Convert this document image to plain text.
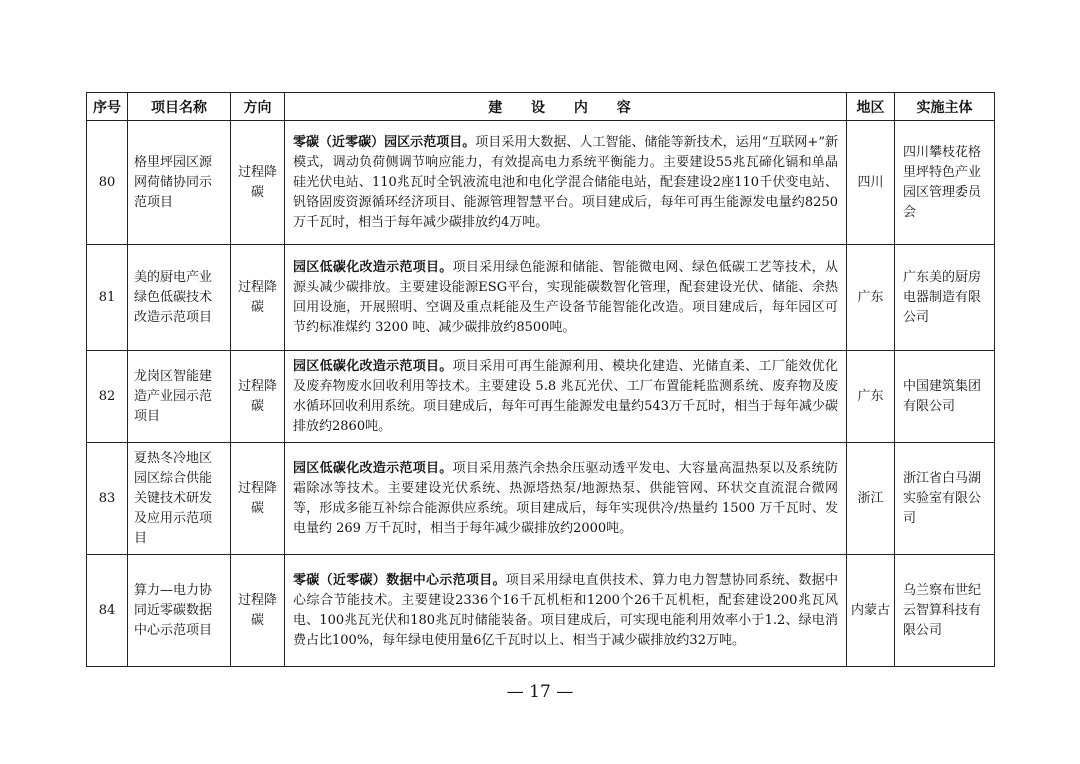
序号	项目名称	方向	建 设 内 容	地区	实施主体
80	格里坪园区源网荷储协同示范项目	过程降碳	零碳（近零碳）园区示范项目。项目采用大数据、人工智能、储能等新技术，运用“互联网+”新模式，调动负荷侧调节响应能力，有效提高电力系统平衡能力。主要建设55兆瓦碲化镉和单晶硅光伏电站、110兆瓦时全钒液流电池和电化学混合储能电站，配套建设2座110千伏变电站、钒铬固废资源循环经济项目、能源管理智慧平台。项目建成后，每年可再生能源发电量约8250万千瓦时，相当于每年减少碳排放约4万吨。	四川	四川攀枝花格里坪特色产业园区管理委员会
81	美的厨电产业绿色低碳技术改造示范项目	过程降碳	园区低碳化改造示范项目。项目采用绿色能源和储能、智能微电网、绿色低碳工艺等技术，从源头减少碳排放。主要建设能源ESG平台，实现能碳数智化管理，配套建设光伏、储能、余热回用设施，开展照明、空调及重点耗能及生产设备节能智能化改造。项目建成后，每年园区可节约标准煤约 3200 吨、减少碳排放约8500吨。	广东	广东美的厨房电器制造有限公司
82	龙岗区智能建造产业园示范项目	过程降碳	园区低碳化改造示范项目。项目采用可再生能源利用、模块化建造、光储直柔、工厂能效优化及废弃物废水回收利用等技术。主要建设 5.8 兆瓦光伏、工厂布置能耗监测系统、废弃物及废水循环回收利用系统。项目建成后，每年可再生能源发电量约543万千瓦时，相当于每年减少碳排放约2860吨。	广东	中国建筑集团有限公司
83	夏热冬冷地区园区综合供能关键技术研发及应用示范项目	过程降碳	园区低碳化改造示范项目。项目采用蒸汽余热余压驱动透平发电、大容量高温热泵以及系统防霜除冰等技术。主要建设光伏系统、热源塔热泵/地源热泵、供能管网、环状交直流混合微网等，形成多能互补综合能源供应系统。项目建成后，每年实现供冷/热量约 1500 万千瓦时、发电量约 269 万千瓦时，相当于每年减少碳排放约2000吨。	浙江	浙江省白马湖实验室有限公司
84	算力—电力协同近零碳数据中心示范项目	过程降碳	零碳（近零碳）数据中心示范项目。项目采用绿电直供技术、算力电力智慧协同系统、数据中心综合节能技术。主要建设2336个16千瓦机柜和1200个26千瓦机柜，配套建设200兆瓦风电、100兆瓦光伏和180兆瓦时储能装备。项目建成后，可实现电能利用效率小于1.2、绿电消费占比100%，每年绿电使用量6亿千瓦时以上、相当于减少碳排放约32万吨。	内蒙古	乌兰察布世纪云智算科技有限公司
— 17 —
